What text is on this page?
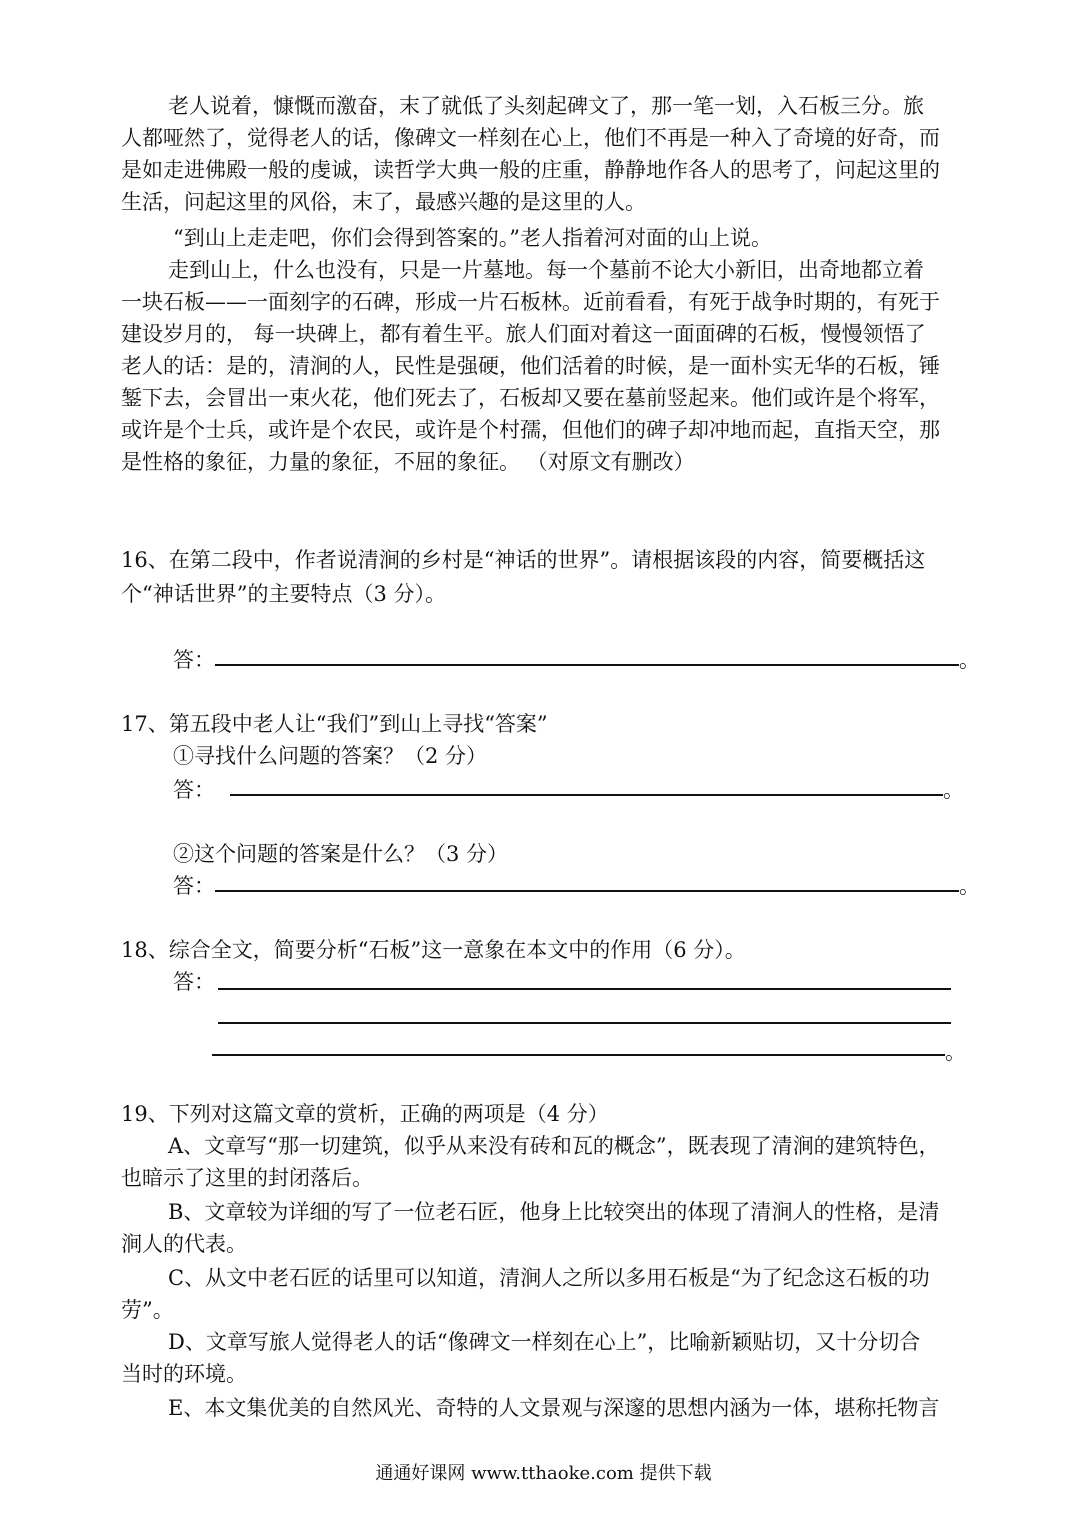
老人说着，慷慨而激奋，末了就低了头刻起碑文了，那一笔一划，入石板三分。旅
人都哑然了，觉得老人的话，像碑文一样刻在心上，他们不再是一种入了奇境的好奇，而
是如走进佛殿一般的虔诚，读哲学大典一般的庄重，静静地作各人的思考了，问起这里的
生活，问起这里的风俗，末了，最感兴趣的是这里的人。
“到山上走走吧，你们会得到答案的。”老人指着河对面的山上说。
走到山上，什么也没有，只是一片墓地。每一个墓前不论大小新旧，出奇地都立着
一块石板——一面刻字的石碑，形成一片石板林。近前看看，有死于战争时期的，有死于
建设岁月的， 每一块碑上，都有着生平。旅人们面对着这一面面碑的石板，慢慢领悟了
老人的话：是的，清涧的人，民性是强硬，他们活着的时候，是一面朴实无华的石板，锤
錾下去，会冒出一束火花，他们死去了，石板却又要在墓前竖起来。他们或许是个将军，
或许是个士兵，或许是个农民，或许是个村孺，但他们的碑子却冲地而起，直指天空，那
是性格的象征，力量的象征，不屈的象征。 （对原文有删改）
16、在第二段中，作者说清涧的乡村是“神话的世界”。请根据该段的内容，简要概括这
个“神话世界”的主要特点（3 分）。
答：	。
17、第五段中老人让“我们”到山上寻找“答案”
①寻找什么问题的答案？（2 分）
答：	。
②这个问题的答案是什么？（3 分）
答：	。
18、综合全文，简要分析“石板”这一意象在本文中的作用（6 分）。
答：
。
19、下列对这篇文章的赏析，正确的两项是（4 分）
A、文章写“那一切建筑，似乎从来没有砖和瓦的概念”，既表现了清涧的建筑特色，
也暗示了这里的封闭落后。
B、文章较为详细的写了一位老石匠，他身上比较突出的体现了清涧人的性格，是清
涧人的代表。
C、从文中老石匠的话里可以知道，清涧人之所以多用石板是“为了纪念这石板的功
劳”。
D、文章写旅人觉得老人的话“像碑文一样刻在心上”，比喻新颖贴切，又十分切合
当时的环境。
E、本文集优美的自然风光、奇特的人文景观与深邃的思想内涵为一体，堪称托物言
通通好课网 www.tthaoke.com 提供下载
